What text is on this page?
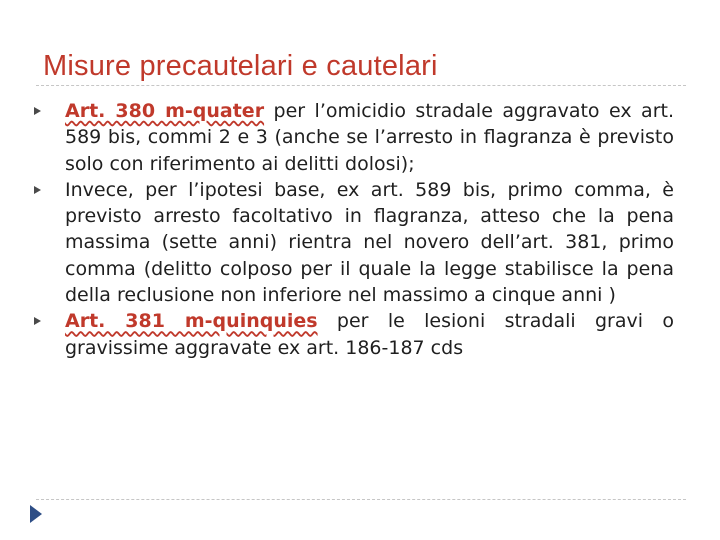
Misure precautelari e cautelari
Art. 380 m-quater per l’omicidio stradale aggravato ex art. 589 bis, commi 2 e 3 (anche se l’arresto in flagranza è previsto solo con riferimento ai delitti dolosi);
Invece, per l’ipotesi base, ex art. 589 bis, primo comma, è previsto arresto facoltativo in flagranza, atteso che la pena massima (sette anni) rientra nel novero dell’art. 381, primo comma (delitto colposo per il quale la legge stabilisce la pena della reclusione non inferiore nel massimo a cinque anni )
Art. 381 m-quinquies per le lesioni stradali gravi o gravissime aggravate ex art. 186-187 cds
